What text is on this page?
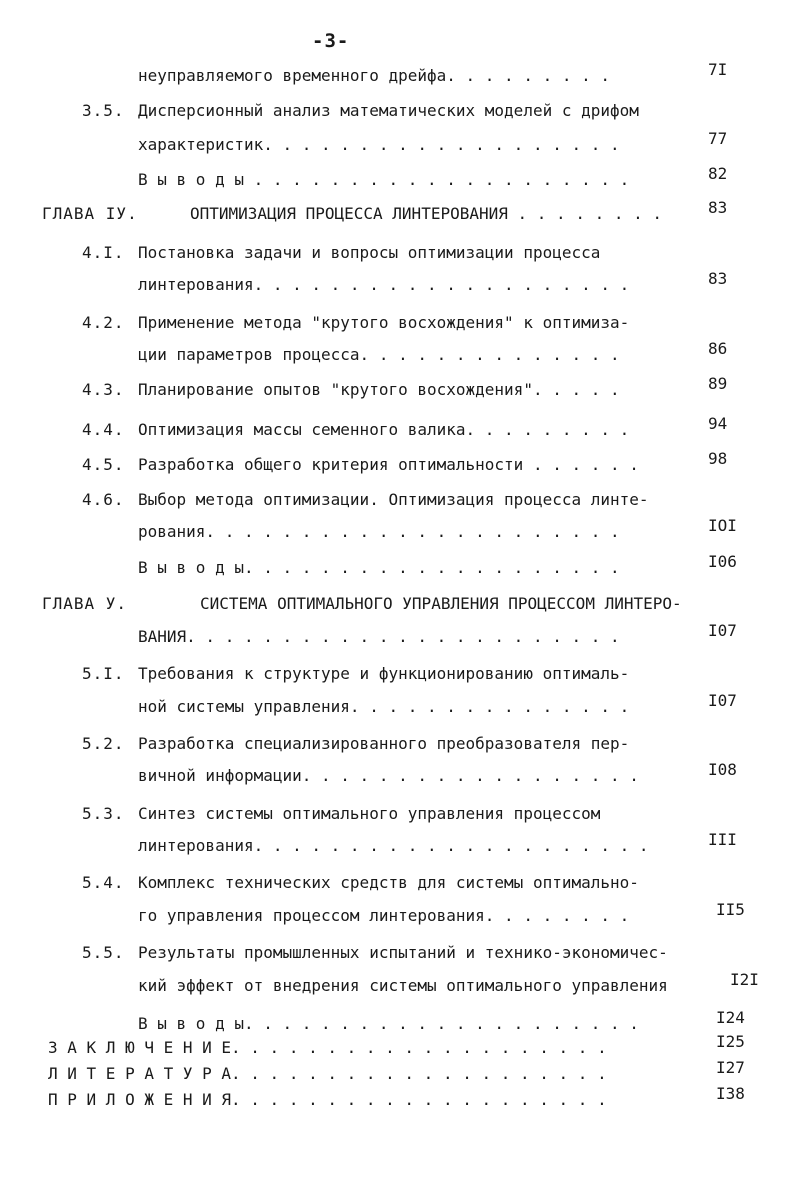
-3-
неуправляемого временного дрейфа. . . . . . . . .	7I
3.5. Дисперсионный анализ математических моделей с дрифом
характеристик. . . . . . . . . . . . . . . . . . .	77
В ы в о д ы . . . . . . . . . . . . . . . . . . . .	82
ГЛАВА IУ.	ОПТИМИЗАЦИЯ ПРОЦЕССА ЛИНТЕРОВАНИЯ . . . . . . . .	83
4.I. Постановка задачи и вопросы оптимизации процесса
линтерования. . . . . . . . . . . . . . . . . . . .	83
4.2. Применение метода "крутого восхождения" к оптимиза-
ции параметров процесса. . . . . . . . . . . . . .	86
4.3. Планирование опытов "крутого восхождения". . . . .	89
4.4. Оптимизация массы семенного валика. . . . . . . . .	94
4.5. Разработка общего критерия оптимальности . . . . . .	98
4.6. Выбор метода оптимизации. Оптимизация процесса линте-
рования. . . . . . . . . . . . . . . . . . . . . .	IOI
В ы в о д ы. . . . . . . . . . . . . . . . . . . .	I06
ГЛАВА У.	СИСТЕМА ОПТИМАЛЬНОГО УПРАВЛЕНИЯ ПРОЦЕССОМ ЛИНТЕРО-
ВАНИЯ. . . . . . . . . . . . . . . . . . . . . . .	I07
5.I. Требования к структуре и функционированию оптималь-
ной системы управления. . . . . . . . . . . . . . .	I07
5.2. Разработка специализированного преобразователя пер-
вичной информации. . . . . . . . . . . . . . . . . .	I08
5.3. Синтез системы оптимального управления процессом
линтерования. . . . . . . . . . . . . . . . . . . . .	III
5.4. Комплекс технических средств для системы оптимально-
го управления процессом линтерования. . . . . . . .	II5
5.5. Результаты промышленных испытаний и технико-экономичес-
кий эффект от внедрения системы оптимального управления	I2I
В ы в о д ы. . . . . . . . . . . . . . . . . . . . .	I24
З А К Л Ю Ч Е Н И Е. . . . . . . . . . . . . . . . . . . .	I25
Л И Т Е Р А Т У Р А. . . . . . . . . . . . . . . . . . . .	I27
П Р И Л О Ж Е Н И Я. . . . . . . . . . . . . . . . . . . .	I38
